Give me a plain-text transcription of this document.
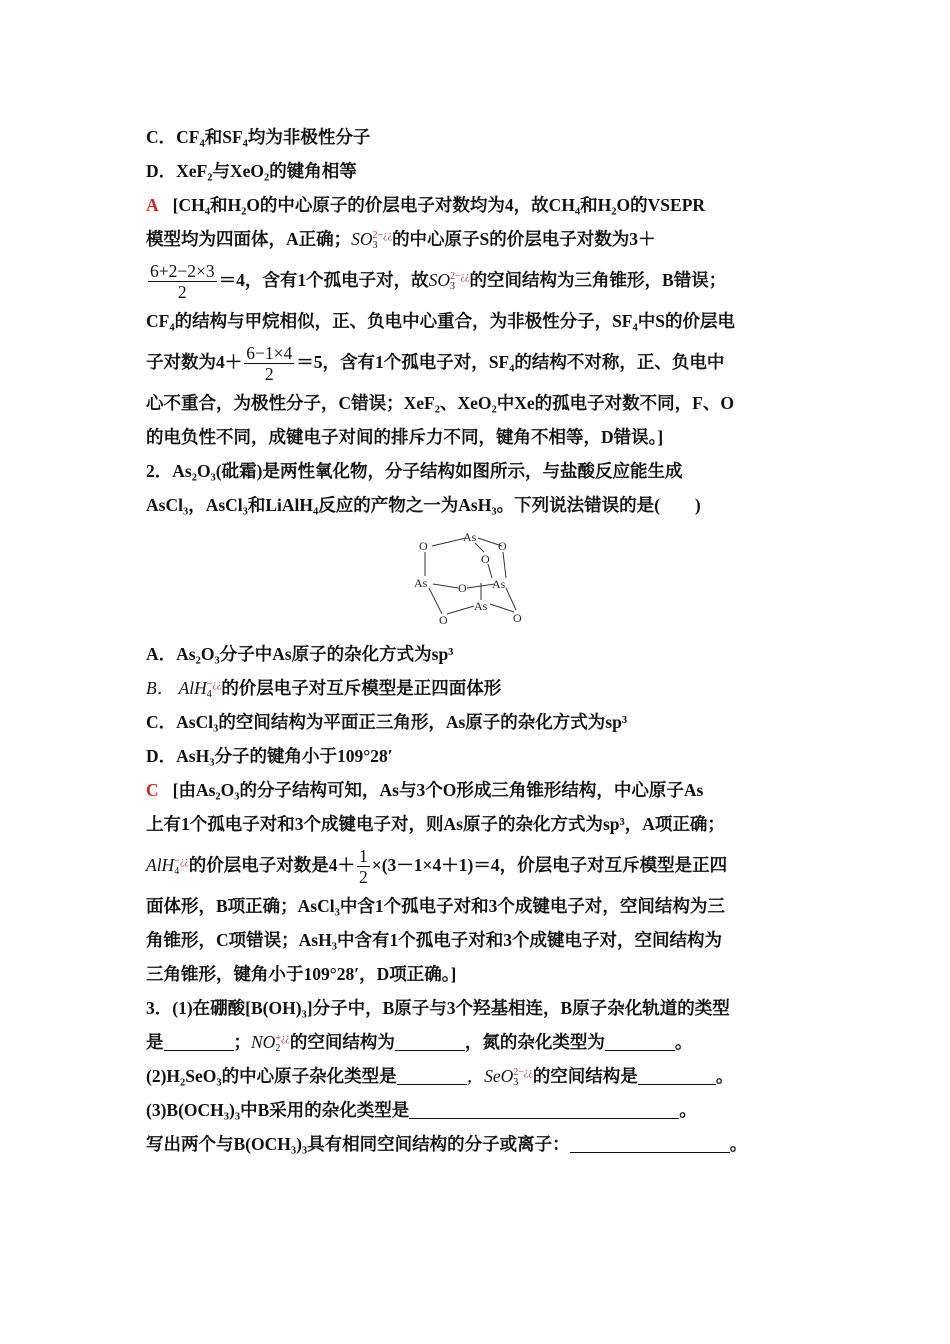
C．CF₄和SF₄均为非极性分子
D．XeF₂与XeO₂的键角相等
A [CH₄和H₂O的中心原子的价层电子对数均为4，故CH₄和H₂O的VSEPR
模型均为四面体，A正确；SO 2−¿¿
3 的中心原子S的价层电子对数为3＋
$\frac{6+2-2\times 3}{2} =4$，含有1个孤电子对，故SO 2−¿¿
3 的空间结构为三角锥形，B错误；
CF₄的结构与甲烷相似，正、负电中心重合，为非极性分子，SF₄中S的价层电
子对数为$4+ \frac{6-1\times 4}{2} =5$，含有1个孤电子对，SF₄的结构不对称，正、负电中
心不重合，为极性分子，C错误；XeF₂、XeO₂中Xe的孤电子对数不同，F、O
的电负性不同，成键电子对间的排斥力不同，键角不相等，D错误。]
2．As₂O₃(砒霜)是两性氧化物，分子结构如图所示，与盐酸反应能生成
AsCl₃，AsCl₃和LiAlH₄反应的产物之一为AsH₃。下列说法错误的是(　　)
As
O	O
O
As	O As
As
O	O
A．As₂O₃分子中As原子的杂化方式为sp³
B． AlH −¿¿
4 的价层电子对互斥模型是正四面体形
C．AsCl₃的空间结构为平面正三角形，As原子的杂化方式为sp³
D．AsH₃分子的键角小于109°28′
C [由As₂O₃的分子结构可知，As与3个O形成三角锥形结构，中心原子As
上有1个孤电子对和3个成键电子对，则As原子的杂化方式为sp³，A项正确；
AlH −¿¿
4 的价层电子对数是$4+ \frac{1}{2} \times(3-1\times 4+1)=4$，价层电子对互斥模型是正四
面体形，B项正确；AsCl₃中含1个孤电子对和3个成键电子对，空间结构为三
角锥形，C项错误；AsH₃中含有1个孤电子对和3个成键电子对，空间结构为
三角锥形，键角小于109°28′，D项正确。]
3．(1)在硼酸[B(OH)₃]分子中，B原子与3个羟基相连，B原子杂化轨道的类型
是	；NO +¿¿
2 的空间结构为	，氮的杂化类型为	。
(2)H₂SeO₃的中心原子杂化类型是	，SeO 2−¿¿
3 的空间结构是	。
(3)B(OCH₃)₃中B采用的杂化类型是	。
写出两个与B(OCH₃)₃具有相同空间结构的分子或离子：	。
